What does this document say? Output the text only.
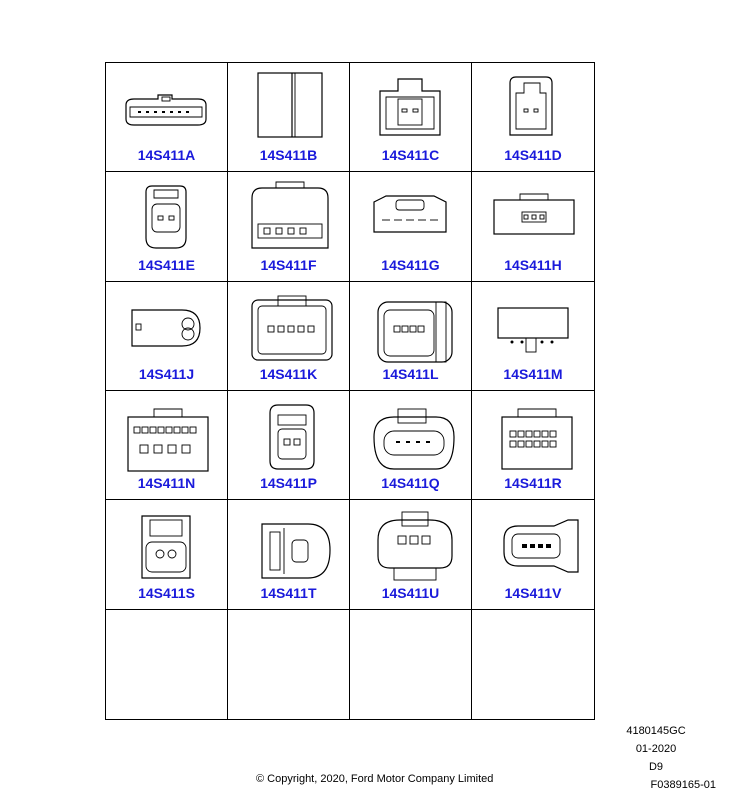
14S411A	14S411B	14S411C	14S411D
14S411E	14S411F	14S411G	14S411H
14S411J	14S411K	14S411L	14S411M
14S411N	14S411P	14S411Q	14S411R
14S411S	14S411T	14S411U	14S411V
4180145GC
01-2020
D9
F0389165-01
© Copyright, 2020, Ford Motor Company Limited
